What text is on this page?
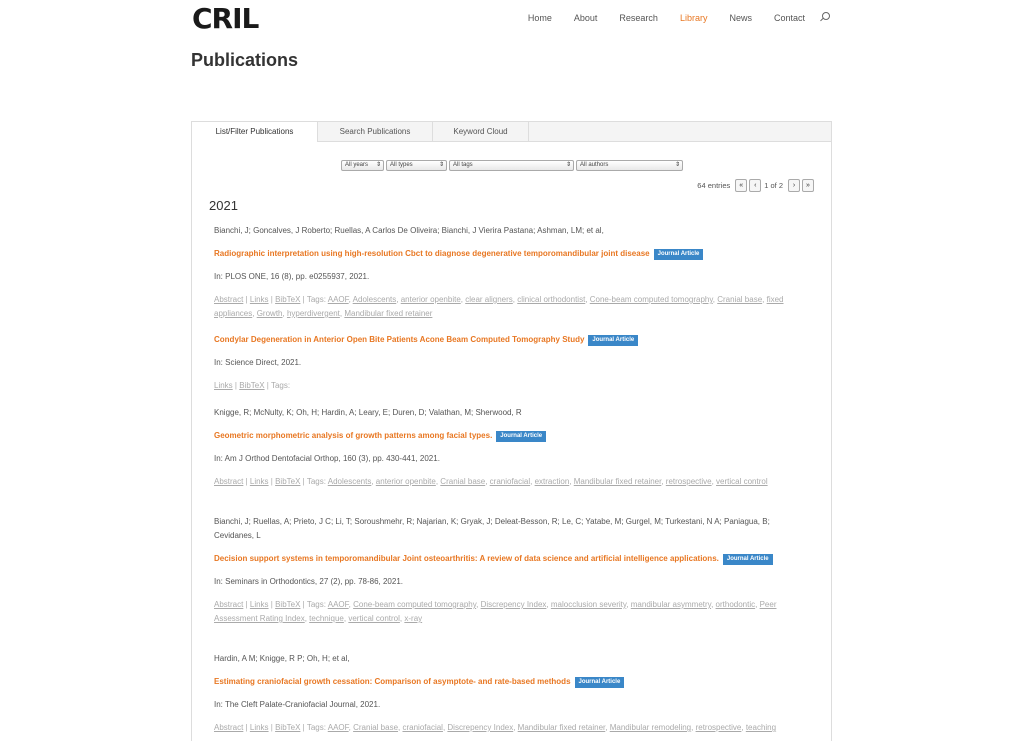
CRIL	Home About Research Library News Contact
Publications
List/Filter Publications	Search Publications	Keyword Cloud
All years ⇕	All types	⇕	All tags	⇕	All authors	⇕
64 entries	«	‹	1 of 2	›	»
2021
Bianchi, J; Goncalves, J Roberto; Ruellas, A Carlos De Oliveira; Bianchi, J Vierira Pastana; Ashman, LM; et al,
Radiographic interpretation using high-resolution Cbct to diagnose degenerative temporomandibular joint disease Journal Article
In: PLOS ONE, 16 (8), pp. e0255937, 2021.
Abstract | Links | BibTeX | Tags: AAOF, Adolescents, anterior openbite, clear aligners, clinical orthodontist, Cone-beam computed tomography, Cranial base, fixed appliances, Growth, hyperdivergent, Mandibular fixed retainer
Condylar Degeneration in Anterior Open Bite Patients Acone Beam Computed Tomography Study Journal Article
In: Science Direct, 2021.
Links | BibTeX | Tags:
Knigge, R; McNulty, K; Oh, H; Hardin, A; Leary, E; Duren, D; Valathan, M; Sherwood, R
Geometric morphometric analysis of growth patterns among facial types. Journal Article
In: Am J Orthod Dentofacial Orthop, 160 (3), pp. 430-441, 2021.
Abstract | Links | BibTeX | Tags: Adolescents, anterior openbite, Cranial base, craniofacial, extraction, Mandibular fixed retainer, retrospective, vertical control
Bianchi, J; Ruellas, A; Prieto, J C; Li, T; Soroushmehr, R; Najarian, K; Gryak, J; Deleat-Besson, R; Le, C; Yatabe, M; Gurgel, M; Turkestani, N A; Paniagua, B; Cevidanes, L
Decision support systems in temporomandibular Joint osteoarthritis: A review of data science and artificial intelligence applications. Journal Article
In: Seminars in Orthodontics, 27 (2), pp. 78-86, 2021.
Abstract | Links | BibTeX | Tags: AAOF, Cone-beam computed tomography, Discrepency Index, malocclusion severity, mandibular asymmetry, orthodontic, Peer Assessment Rating Index, technique, vertical control, x-ray
Hardin, A M; Knigge, R P; Oh, H; et al,
Estimating craniofacial growth cessation: Comparison of asymptote- and rate-based methods Journal Article
In: The Cleft Palate-Craniofacial Journal, 2021.
Abstract | Links | BibTeX | Tags: AAOF, Cranial base, craniofacial, Discrepency Index, Mandibular fixed retainer, Mandibular remodeling, retrospective, teaching
